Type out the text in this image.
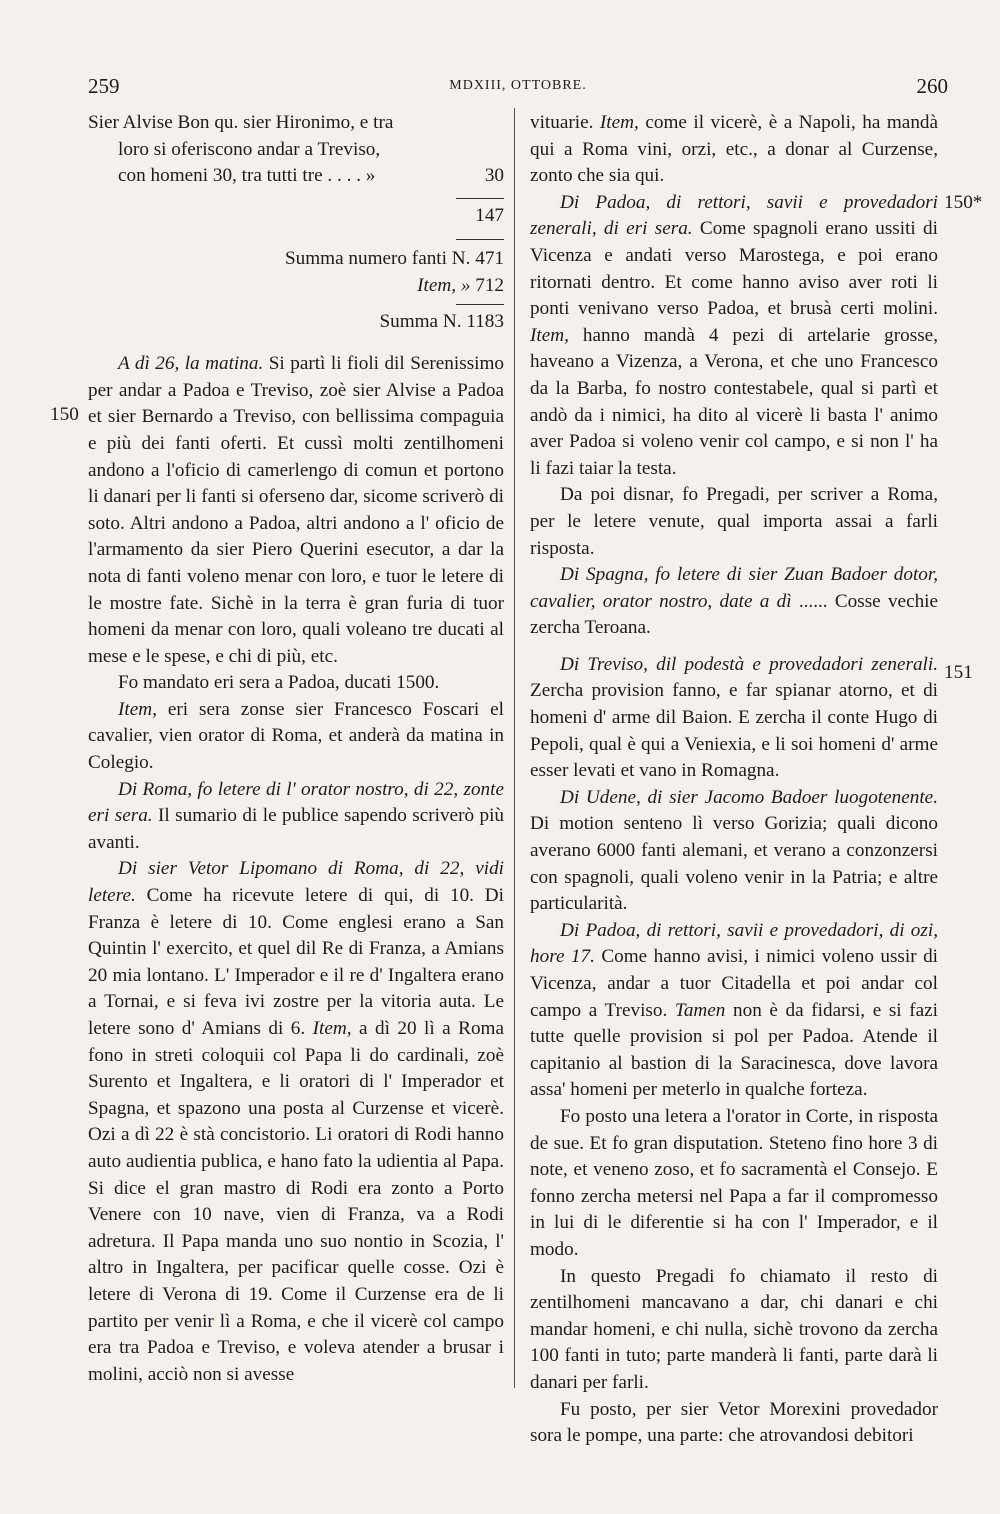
259	MDXIII, OTTOBRE.	260
150
150*
151

Sier Alvise Bon qu. sier Hironimo, e tra

loro si oferiscono andar a Treviso,

con homeni 30, tra tutti tre . . . . »	30

147

Summa numero fanti N. 471

Item, » 712

Summa N. 1183

A dì 26, la matina. Si partì li fioli dil Serenissimo per andar a Padoa e Treviso, zoè sier Alvise a Padoa et sier Bernardo a Treviso, con bellissima compaguia e più dei fanti oferti. Et cussì molti zentilhomeni andono a l'oficio di camerlengo di comun et portono li danari per li fanti si oferseno dar, sicome scriverò di soto. Altri andono a Padoa, altri andono a l' oficio de l'armamento da sier Piero Querini esecutor, a dar la nota di fanti voleno menar con loro, e tuor le letere di le mostre fate. Sichè in la terra è gran furia di tuor homeni da menar con loro, quali voleano tre ducati al mese e le spese, e chi di più, etc.

Fo mandato eri sera a Padoa, ducati 1500.

Item, eri sera zonse sier Francesco Foscari el cavalier, vien orator di Roma, et anderà da matina in Colegio.

Di Roma, fo letere di l' orator nostro, di 22, zonte eri sera. Il sumario di le publice sapendo scriverò più avanti.

Di sier Vetor Lipomano di Roma, di 22, vidi letere. Come ha ricevute letere di qui, di 10. Di Franza è letere di 10. Come englesi erano a San Quintin l' exercito, et quel dil Re di Franza, a Amians 20 mia lontano. L' Imperador e il re d' Ingaltera erano a Tornai, e si feva ivi zostre per la vitoria auta. Le letere sono d' Amians di 6. Item, a dì 20 lì a Roma fono in streti coloquii col Papa li do cardinali, zoè Surento et Ingaltera, e li oratori di l' Imperador et Spagna, et spazono una posta al Curzense et vicerè. Ozi a dì 22 è stà concistorio. Li oratori di Rodi hanno auto audientia publica, e hano fato la udientia al Papa. Si dice el gran mastro di Rodi era zonto a Porto Venere con 10 nave, vien di Franza, va a Rodi adretura. Il Papa manda uno suo nontio in Scozia, l' altro in Ingaltera, per pacificar quelle cosse. Ozi è letere di Verona di 19. Come il Curzense era de li partito per venir lì a Roma, e che il vicerè col campo era tra Padoa e Treviso, e voleva atender a brusar i molini, acciò non si avesse

vituarie. Item, come il vicerè, è a Napoli, ha mandà qui a Roma vini, orzi, etc., a donar al Curzense, zonto che sia qui.

Di Padoa, di rettori, savii e provedadori zenerali, di eri sera. Come spagnoli erano ussiti di Vicenza e andati verso Marostega, e poi erano ritornati dentro. Et come hanno aviso aver roti li ponti venivano verso Padoa, et brusà certi molini. Item, hanno mandà 4 pezi di artelarie grosse, haveano a Vizenza, a Verona, et che uno Francesco da la Barba, fo nostro contestabele, qual si partì et andò da i nimici, ha dito al vicerè li basta l' animo aver Padoa si voleno venir col campo, e si non l' ha li fazi taiar la testa.

Da poi disnar, fo Pregadi, per scriver a Roma, per le letere venute, qual importa assai a farli risposta.

Di Spagna, fo letere di sier Zuan Badoer dotor, cavalier, orator nostro, date a dì ...... Cosse vechie zercha Teroana.

Di Treviso, dil podestà e provedadori zenerali. Zercha provision fanno, e far spianar atorno, et di homeni d' arme dil Baion. E zercha il conte Hugo di Pepoli, qual è qui a Veniexia, e li soi homeni d' arme esser levati et vano in Romagna.

Di Udene, di sier Jacomo Badoer luogotenente. Di motion senteno lì verso Gorizia; quali dicono averano 6000 fanti alemani, et verano a conzonzersi con spagnoli, quali voleno venir in la Patria; e altre particularità.

Di Padoa, di rettori, savii e provedadori, di ozi, hore 17. Come hanno avisi, i nimici voleno ussir di Vicenza, andar a tuor Citadella et poi andar col campo a Treviso. Tamen non è da fidarsi, e si fazi tutte quelle provision si pol per Padoa. Atende il capitanio al bastion di la Saracinesca, dove lavora assa' homeni per meterlo in qualche forteza.

Fo posto una letera a l'orator in Corte, in risposta de sue. Et fo gran disputation. Steteno fino hore 3 di note, et veneno zoso, et fo sacramentà el Consejo. E fonno zercha metersi nel Papa a far il compromesso in lui di le diferentie si ha con l' Imperador, e il modo.

In questo Pregadi fo chiamato il resto di zentilhomeni mancavano a dar, chi danari e chi mandar homeni, e chi nulla, sichè trovono da zercha 100 fanti in tuto; parte manderà li fanti, parte darà li danari per farli.

Fu posto, per sier Vetor Morexini provedador sora le pompe, una parte: che atrovandosi debitori
